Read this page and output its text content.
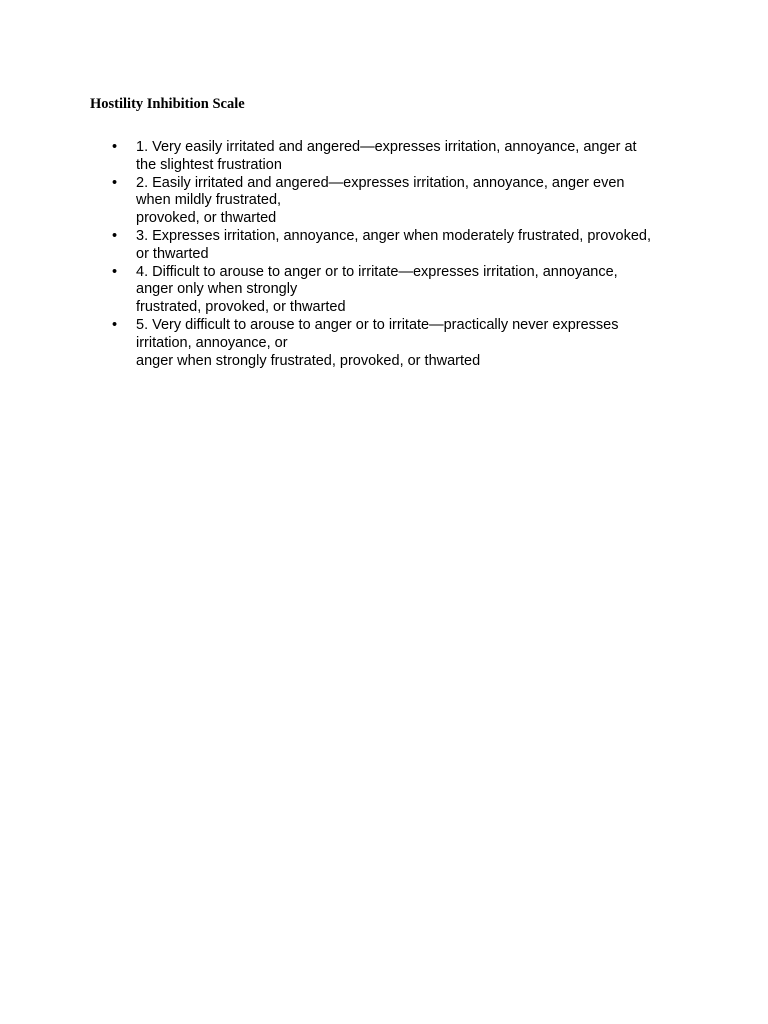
Hostility Inhibition Scale
• 1. Very easily irritated and angered—expresses irritation, annoyance, anger at
the slightest frustration
• 2. Easily irritated and angered—expresses irritation, annoyance, anger even
when mildly frustrated,
provoked, or thwarted
• 3. Expresses irritation, annoyance, anger when moderately frustrated, provoked,
or thwarted
• 4. Difficult to arouse to anger or to irritate—expresses irritation, annoyance,
anger only when strongly
frustrated, provoked, or thwarted
• 5. Very difficult to arouse to anger or to irritate—practically never expresses
irritation, annoyance, or
anger when strongly frustrated, provoked, or thwarted
